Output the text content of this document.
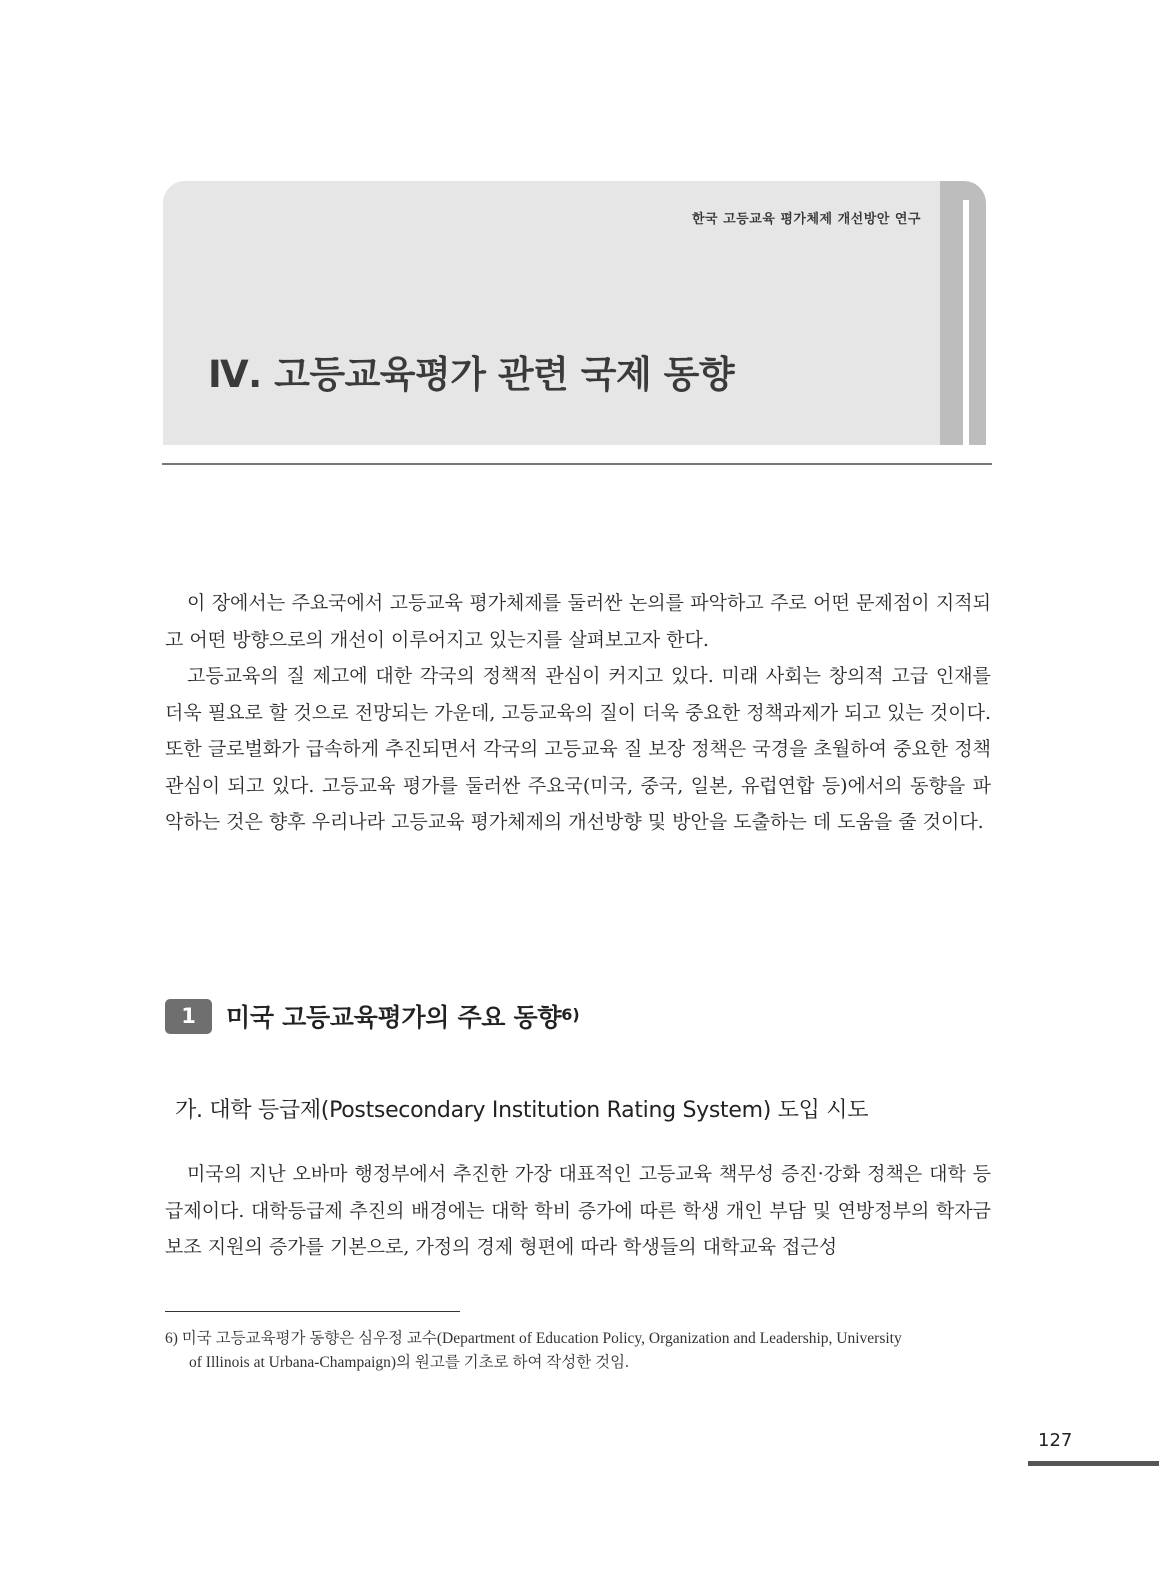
한국 고등교육 평가체제 개선방안 연구
Ⅳ. 고등교육평가 관련 국제 동향

이 장에서는 주요국에서 고등교육 평가체제를 둘러싼 논의를 파악하고 주로 어떤 문제점이 지적되고 어떤 방향으로의 개선이 이루어지고 있는지를 살펴보고자 한다.

고등교육의 질 제고에 대한 각국의 정책적 관심이 커지고 있다. 미래 사회는 창의적 고급 인재를 더욱 필요로 할 것으로 전망되는 가운데, 고등교육의 질이 더욱 중요한 정책과제가 되고 있는 것이다. 또한 글로벌화가 급속하게 추진되면서 각국의 고등교육 질 보장 정책은 국경을 초월하여 중요한 정책 관심이 되고 있다. 고등교육 평가를 둘러싼 주요국(미국, 중국, 일본, 유럽연합 등)에서의 동향을 파악하는 것은 향후 우리나라 고등교육 평가체제의 개선방향 및 방안을 도출하는 데 도움을 줄 것이다.

1	미국 고등교육평가의 주요 동향$^{6)}$
가. 대학 등급제(Postsecondary Institution Rating System) 도입 시도

미국의 지난 오바마 행정부에서 추진한 가장 대표적인 고등교육 책무성 증진·강화 정책은 대학 등급제이다. 대학등급제 추진의 배경에는 대학 학비 증가에 따른 학생 개인 부담 및 연방정부의 학자금 보조 지원의 증가를 기본으로, 가정의 경제 형편에 따라 학생들의 대학교육 접근성

6) 미국 고등교육평가 동향은 심우정 교수(Department of Education Policy, Organization and Leadership, University
of Illinois at Urbana-Champaign)의 원고를 기초로 하여 작성한 것임.
127
